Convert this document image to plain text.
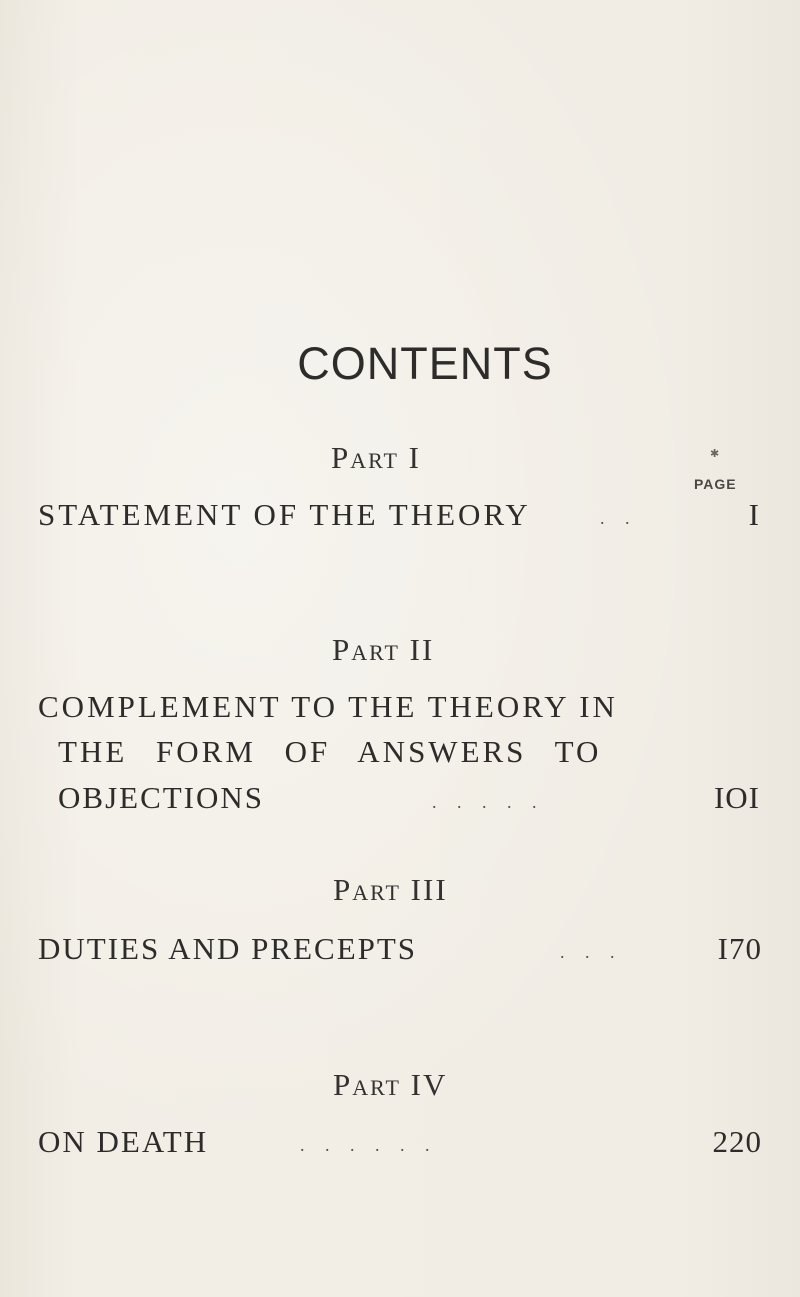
CONTENTS
Part I	✱
PAGE
STATEMENT OF THE THEORY	. .	I
Part II
COMPLEMENT TO THE THEORY IN
THE FORM OF ANSWERS TO
OBJECTIONS	. . . . .	IOI
Part III
DUTIES AND PRECEPTS	. . .	I70
Part IV
ON DEATH	. . . . . .	220
